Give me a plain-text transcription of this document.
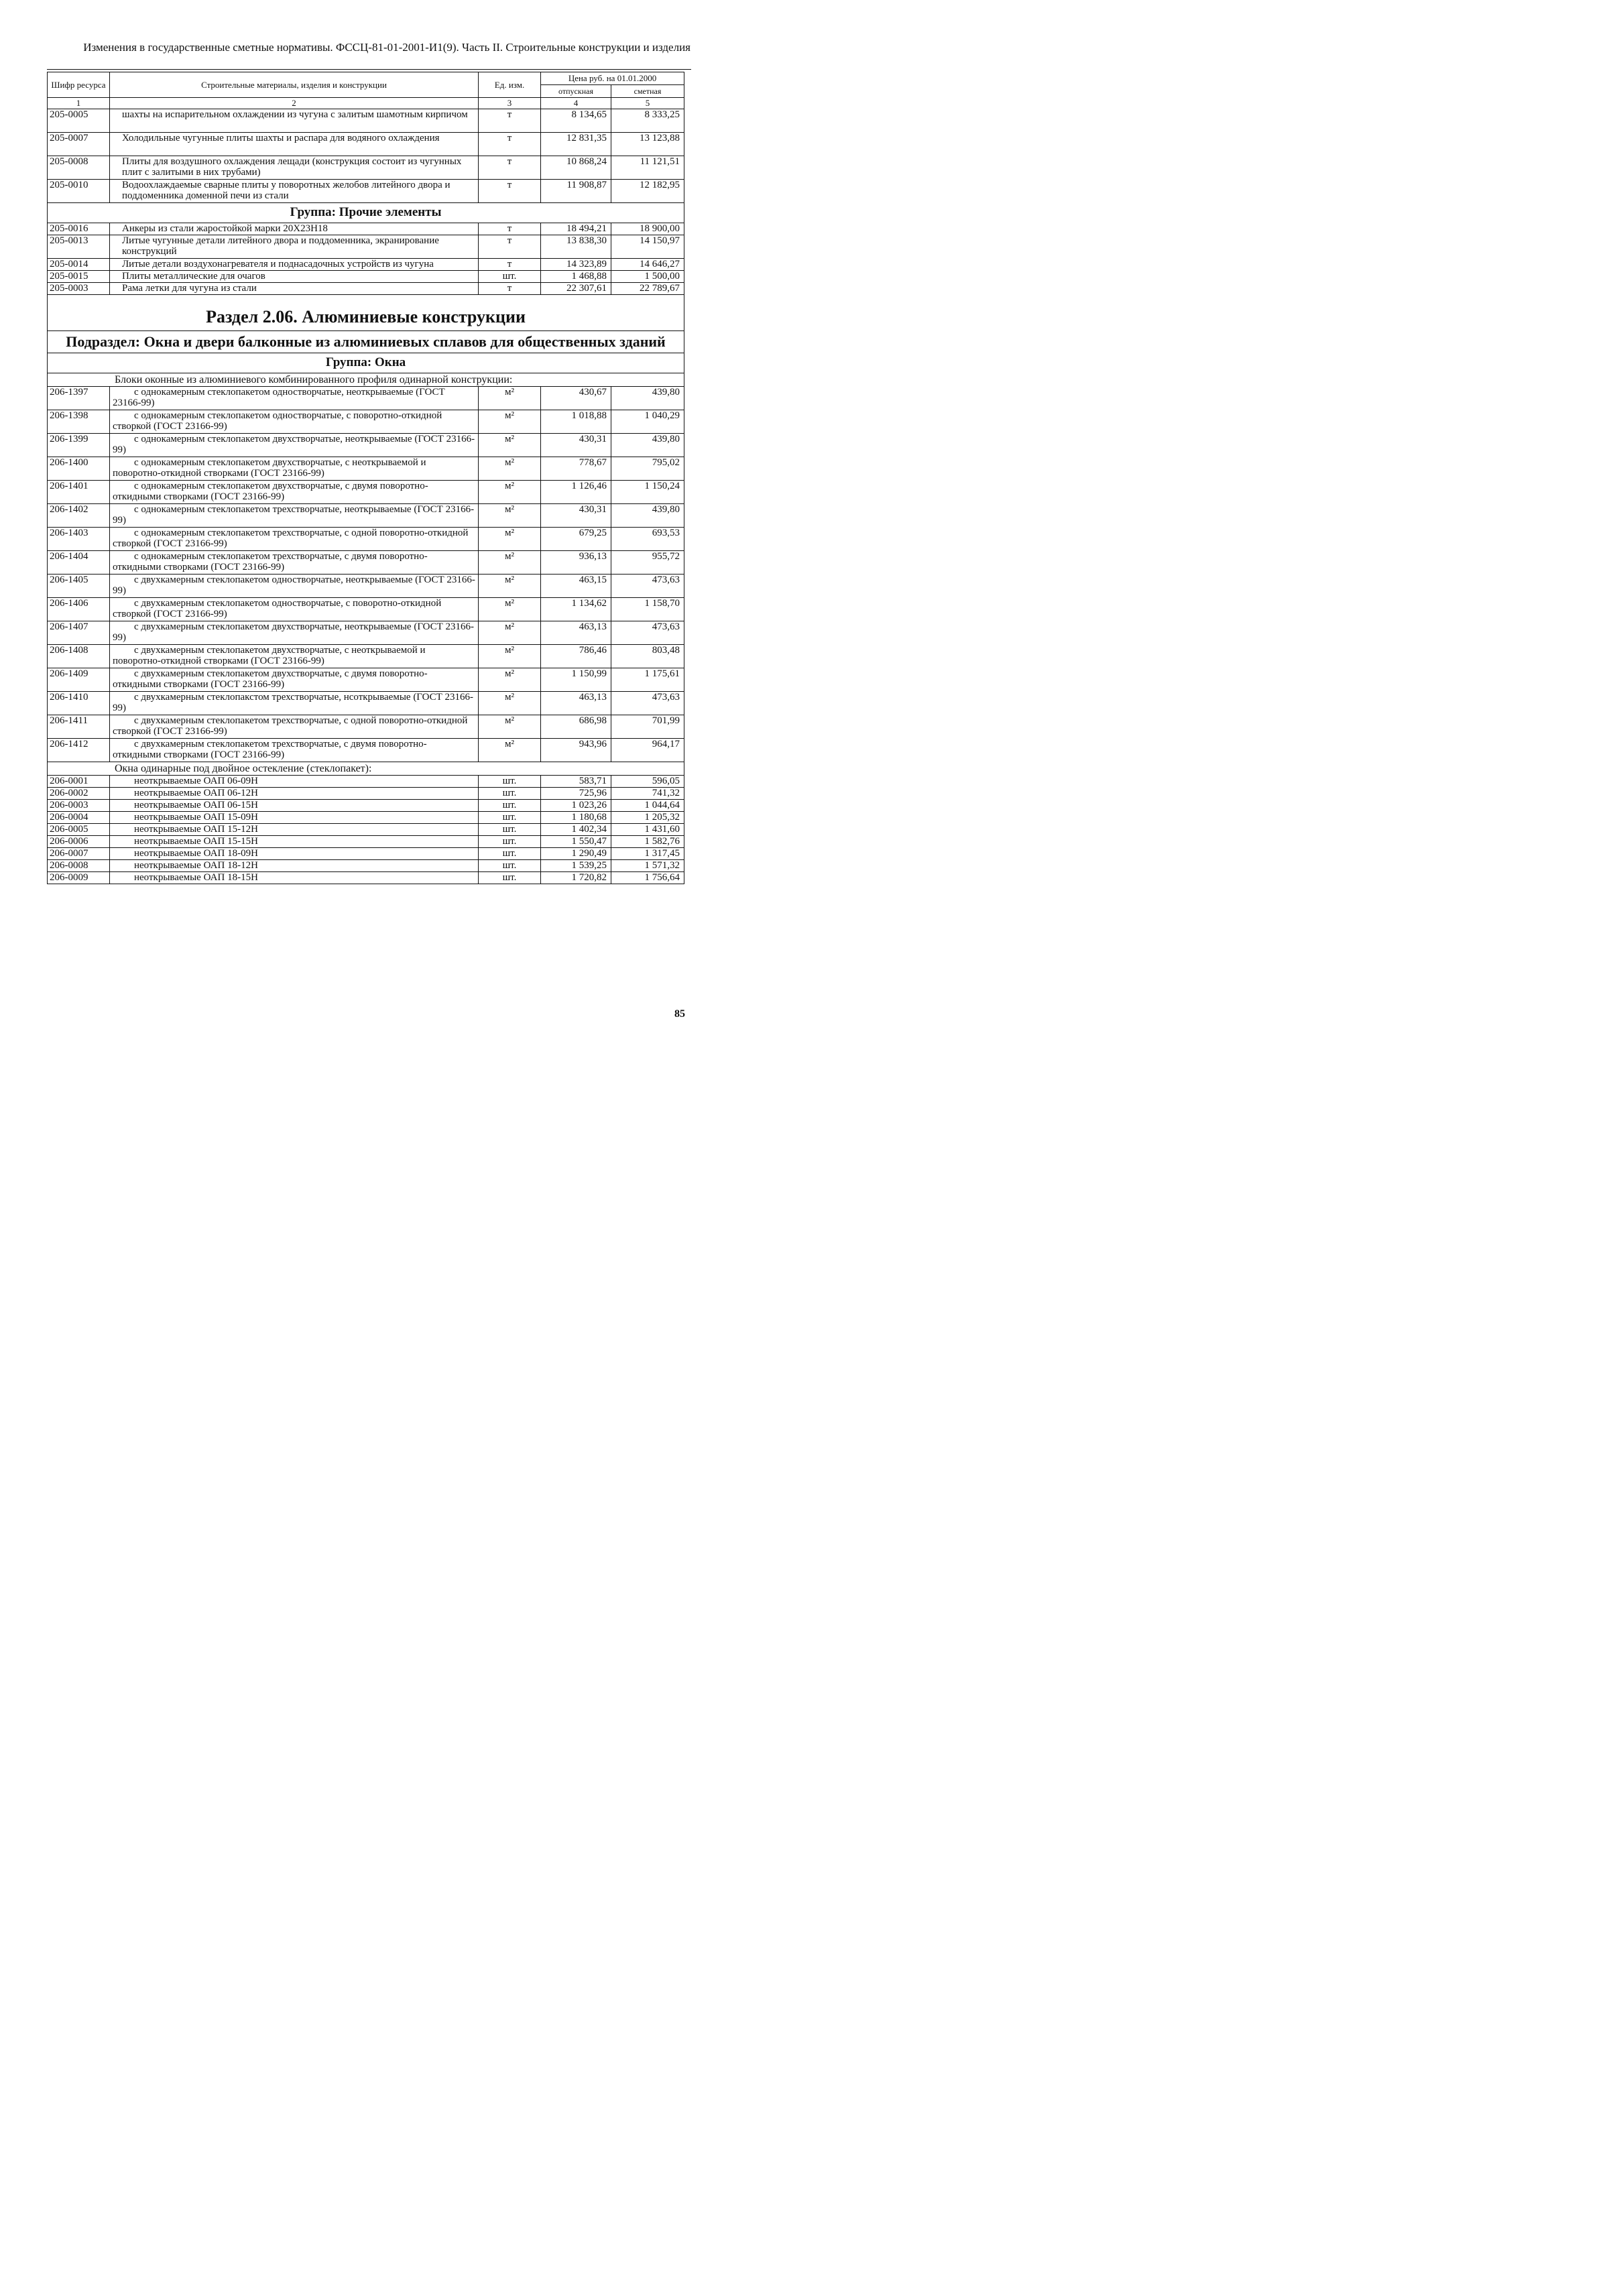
Изменения в государственные сметные нормативы. ФССЦ-81-01-2001-И1(9). Часть II. Строительные конструкции и изделия
Шифр ресурса	Строительные материалы, изделия и конструкции	Ед. изм.	Цена руб. на 01.01.2000	
			отпускная	сметная
1	2	3	4	5
205-0005	шахты на испарительном охлаждении из чугуна с залитым шамотным кирпичом	т	8 134,65	8 333,25
205-0007	Холодильные чугунные плиты шахты и распара для водяного охлаждения	т	12 831,35	13 123,88
205-0008	Плиты для воздушного охлаждения лещади (конструкция состоит из чугунных плит с залитыми в них трубами)	т	10 868,24	11 121,51
205-0010	Водоохлаждаемые сварные плиты у поворотных желобов литейного двора и поддоменника доменной печи из стали	т	11 908,87	12 182,95
Группа: Прочие элементы				
205-0016	Анкеры из стали жаростойкой марки 20Х23Н18	т	18 494,21	18 900,00
205-0013	Литые чугунные детали литейного двора и поддоменника, экранирование конструкций	т	13 838,30	14 150,97
205-0014	Литые детали воздухонагревателя и поднасадочных устройств из чугуна	т	14 323,89	14 646,27
205-0015	Плиты металлические для очагов	шт.	1 468,88	1 500,00
205-0003	Рама летки для чугуна из стали	т	22 307,61	22 789,67
Раздел 2.06. Алюминиевые конструкции				
Подраздел: Окна и двери балконные из алюминиевых сплавов для общественных зданий				
Группа: Окна				
Блоки оконные из алюминиевого комбинированного профиля одинарной конструкции:				
206-1397	с однокамерным стеклопакетом одностворчатые, неоткрываемые (ГОСТ 23166-99)	м²	430,67	439,80
206-1398	с однокамерным стеклопакетом одностворчатые, с поворотно-откидной створкой (ГОСТ 23166-99)	м²	1 018,88	1 040,29
206-1399	с однокамерным стеклопакетом двухстворчатые, неоткрываемые (ГОСТ 23166-99)	м²	430,31	439,80
206-1400	с однокамерным стеклопакетом двухстворчатые, с неоткрываемой и поворотно-откидной створками (ГОСТ 23166-99)	м²	778,67	795,02
206-1401	с однокамерным стеклопакетом двухстворчатые, с двумя поворотно-откидными створками (ГОСТ 23166-99)	м²	1 126,46	1 150,24
206-1402	с однокамерным стеклопакетом трехстворчатые, неоткрываемые (ГОСТ 23166-99)	м²	430,31	439,80
206-1403	с однокамерным стеклопакетом трехстворчатые, с одной поворотно-откидной створкой (ГОСТ 23166-99)	м²	679,25	693,53
206-1404	с однокамерным стеклопакетом трехстворчатые, с двумя поворотно-откидными створками (ГОСТ 23166-99)	м²	936,13	955,72
206-1405	с двухкамерным стеклопакетом одностворчатые, неоткрываемые (ГОСТ 23166-99)	м²	463,15	473,63
206-1406	с двухкамерным стеклопакетом одностворчатые, с поворотно-откидной створкой (ГОСТ 23166-99)	м²	1 134,62	1 158,70
206-1407	с двухкамерным стеклопакетом двухстворчатые, неоткрываемые (ГОСТ 23166-99)	м²	463,13	473,63
206-1408	с двухкамерным стеклопакетом двухстворчатые, с неоткрываемой и поворотно-откидной створками (ГОСТ 23166-99)	м²	786,46	803,48
206-1409	с двухкамерным стеклопакетом двухстворчатые, с двумя поворотно-откидными створками (ГОСТ 23166-99)	м²	1 150,99	1 175,61
206-1410	с двухкамерным стеклопакстом трехстворчатые, нсоткрываемые (ГОСТ 23166-99)	м²	463,13	473,63
206-1411	с двухкамерным стеклопакетом трехстворчатые, с одной поворотно-откидной створкой (ГОСТ 23166-99)	м²	686,98	701,99
206-1412	с двухкамерным стеклопакетом трехстворчатые, с двумя поворотно-откидными створками (ГОСТ 23166-99)	м²	943,96	964,17
Окна одинарные под двойное остекление (стеклопакет):				
206-0001	неоткрываемые ОАП 06-09Н	шт.	583,71	596,05
206-0002	неоткрываемые ОАП 06-12Н	шт.	725,96	741,32
206-0003	неоткрываемые ОАП 06-15Н	шт.	1 023,26	1 044,64
206-0004	неоткрываемые ОАП 15-09Н	шт.	1 180,68	1 205,32
206-0005	неоткрываемые ОАП 15-12Н	шт.	1 402,34	1 431,60
206-0006	неоткрываемые ОАП 15-15Н	шт.	1 550,47	1 582,76
206-0007	неоткрываемые ОАП 18-09Н	шт.	1 290,49	1 317,45
206-0008	неоткрываемые ОАП 18-12Н	шт.	1 539,25	1 571,32
206-0009	неоткрываемые ОАП 18-15Н	шт.	1 720,82	1 756,64
85
